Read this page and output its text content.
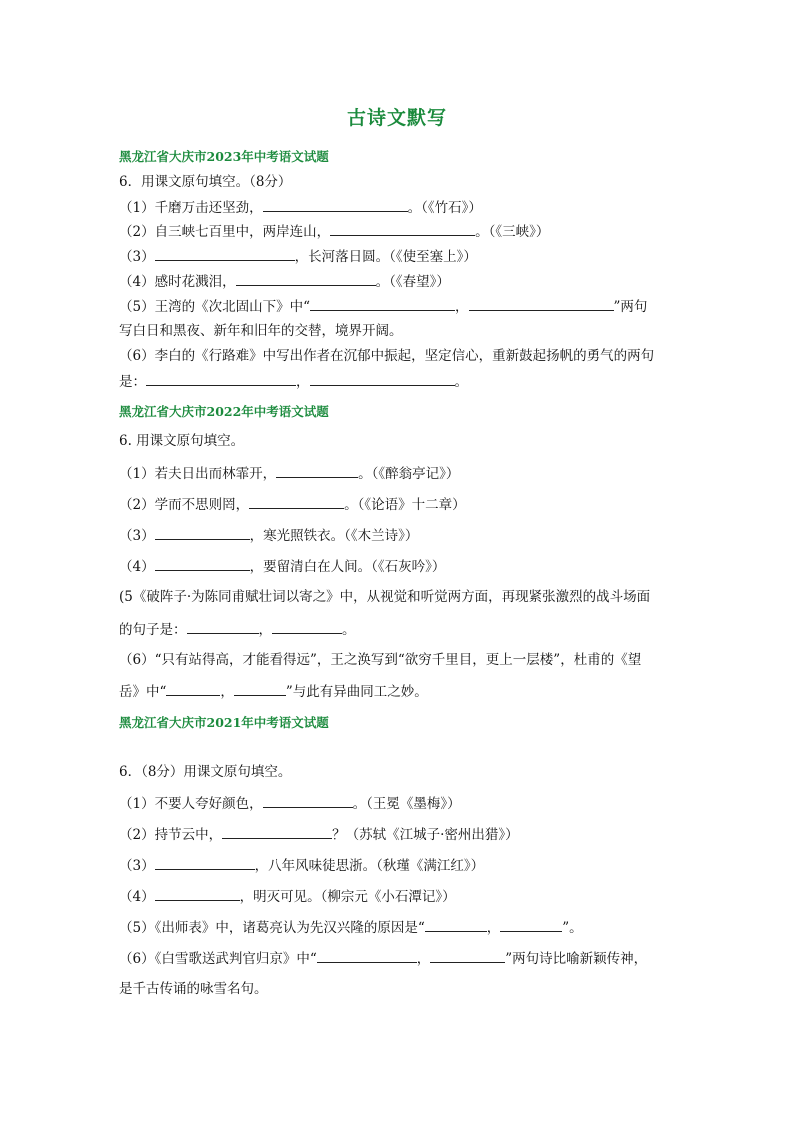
古诗文默写
黑龙江省大庆市2023年中考语文试题
6．用课文原句填空。（8分）
（1）千磨万击还坚劲，	。（《竹石》）
（2）自三峡七百里中，两岸连山，	。（《三峡》）
（3）	，长河落日圆。（《使至塞上》）
（4）感时花溅泪，	。（《春望》）
（5）王湾的《次北固山下》中“	，	”两句
写白日和黑夜、新年和旧年的交替，境界开阔。
（6）李白的《行路难》中写出作者在沉郁中振起，坚定信心，重新鼓起扬帆的勇气的两句
是：	，	。
黑龙江省大庆市2022年中考语文试题
6. 用课文原句填空。
（1）若夫日出而林霏开，	。（《醉翁亭记》）
（2）学而不思则罔，	。（《论语》十二章）
（3）	，寒光照铁衣。（《木兰诗》）
（4）	，要留清白在人间。（《石灰吟》）
(5《破阵子·为陈同甫赋壮词以寄之》中，从视觉和听觉两方面，再现紧张激烈的战斗场面
的句子是：	，	。
（6）“只有站得高，才能看得远”，王之涣写到“欲穷千里目，更上一层楼”，杜甫的《望
岳》中“	，	”与此有异曲同工之妙。
黑龙江省大庆市2021年中考语文试题
6．（8分）用课文原句填空。
（1）不要人夸好颜色，	。（王冕《墨梅》）
（2）持节云中，	？（苏轼《江城子·密州出猎》）
（3）	，八年风味徒思浙。（秋瑾《满江红》）
（4）	，明灭可见。（柳宗元《小石潭记》）
（5）《出师表》中，诸葛亮认为先汉兴隆的原因是“	，	”。
（6）《白雪歌送武判官归京》中“	，	”两句诗比喻新颖传神，
是千古传诵的咏雪名句。
